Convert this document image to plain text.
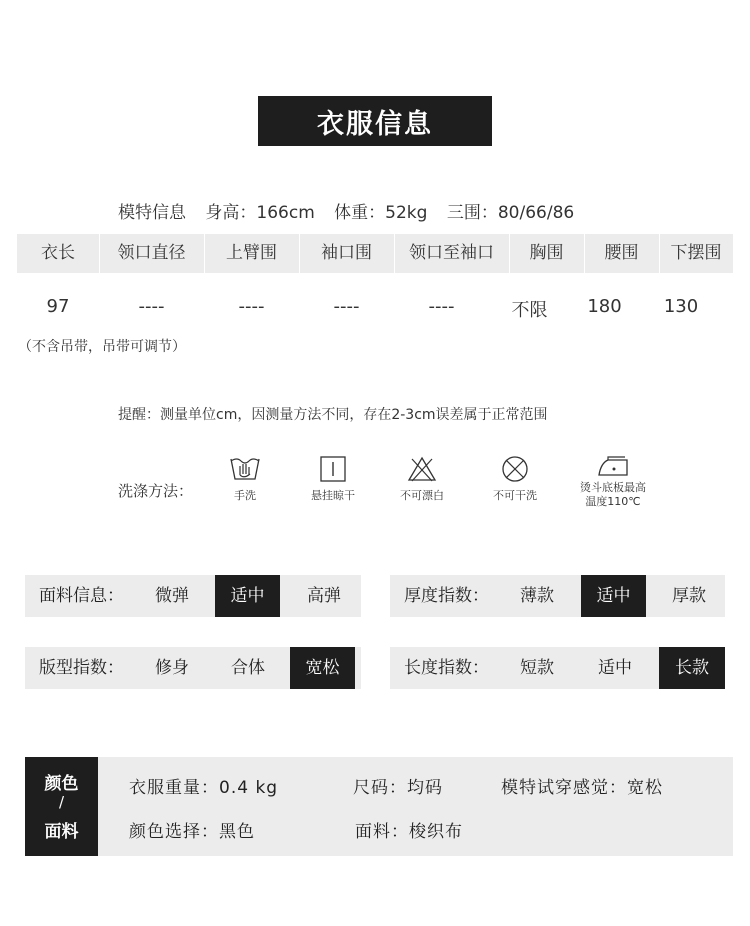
衣服信息
模特信息 身高：166cm 体重：52kg 三围：80/66/86
衣长	领口直径	上臂围	袖口围	领口至袖口	胸围	腰围	下摆围
97	----	----	----	----	不限	180	130
（不含吊带，吊带可调节）
提醒：测量单位cm，因测量方法不同，存在2-3cm误差属于正常范围
洗涤方法：	手洗	悬挂晾干	不可漂白	不可干洗
烫斗底板最高
温度110℃
面料信息：	微弹	适中	高弹	厚度指数：	薄款	适中	厚款
版型指数：	修身	合体	宽松	长度指数：	短款	适中	长款
颜色
/
面料
衣服重量：0.4 kg	尺码：均码	模特试穿感觉：宽松
颜色选择：黑色	面料：梭织布
